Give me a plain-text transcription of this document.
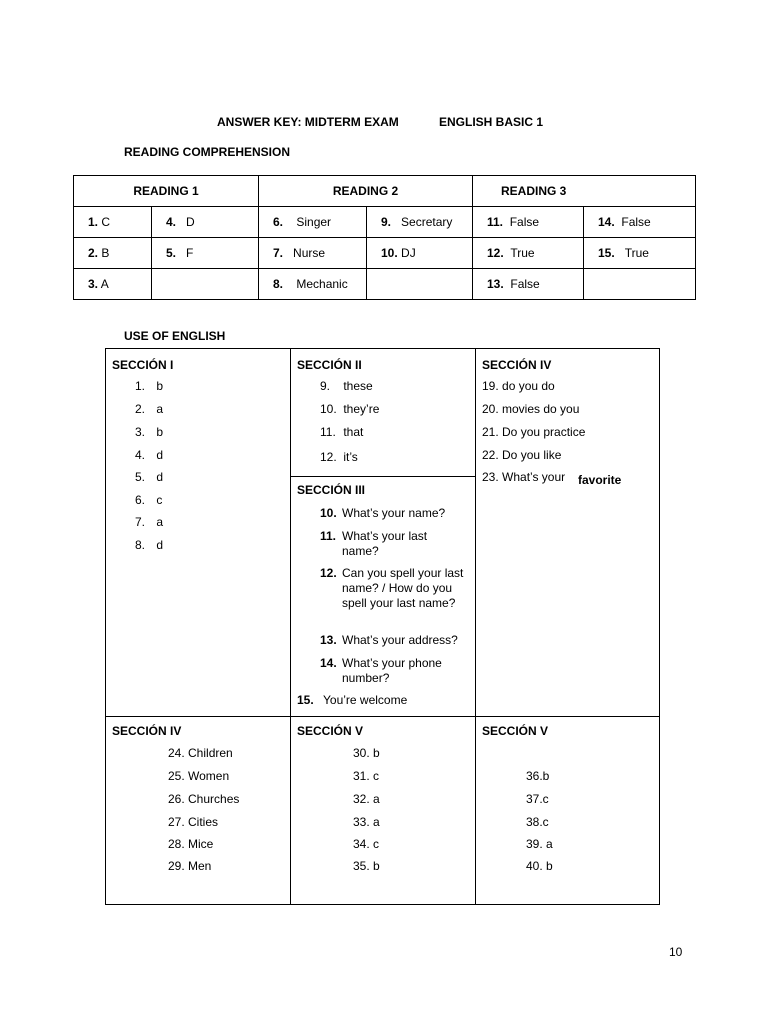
ANSWER KEY: MIDTERM EXAM	ENGLISH BASIC 1
READING COMPREHENSION
READING 1		READING 2		READING 3	
1. C	4. D	6. Singer	9. Secretary	11. False	14. False
2. B	5. F	7. Nurse	10. DJ	12. True	15. True
3. A		8. Mechanic		13. False	
USE OF ENGLISH
SECCIÓN I
1. b
2. a
3. b
4. d
5. d
6. c
7. a
8. d
SECCIÓN II
9. these
10. they’re
11. that
12. it’s
SECCIÓN III
10. What’s your name?
11. What’s your last name?
12. Can you spell your last name? / How do you spell your last name?
13. What’s your address?
14. What’s your phone number?
15. You’re welcome
SECCIÓN IV
19. do you do
20. movies do you
21. Do you practice
22. Do you like
23. What’s your favorite
SECCIÓN IV
24. Children
25. Women
26. Churches
27. Cities
28. Mice
29. Men
SECCIÓN V
30. b
31. c
32. a
33. a
34. c
35. b
SECCIÓN V
36.b
37.c
38.c
39. a
40. b
10
